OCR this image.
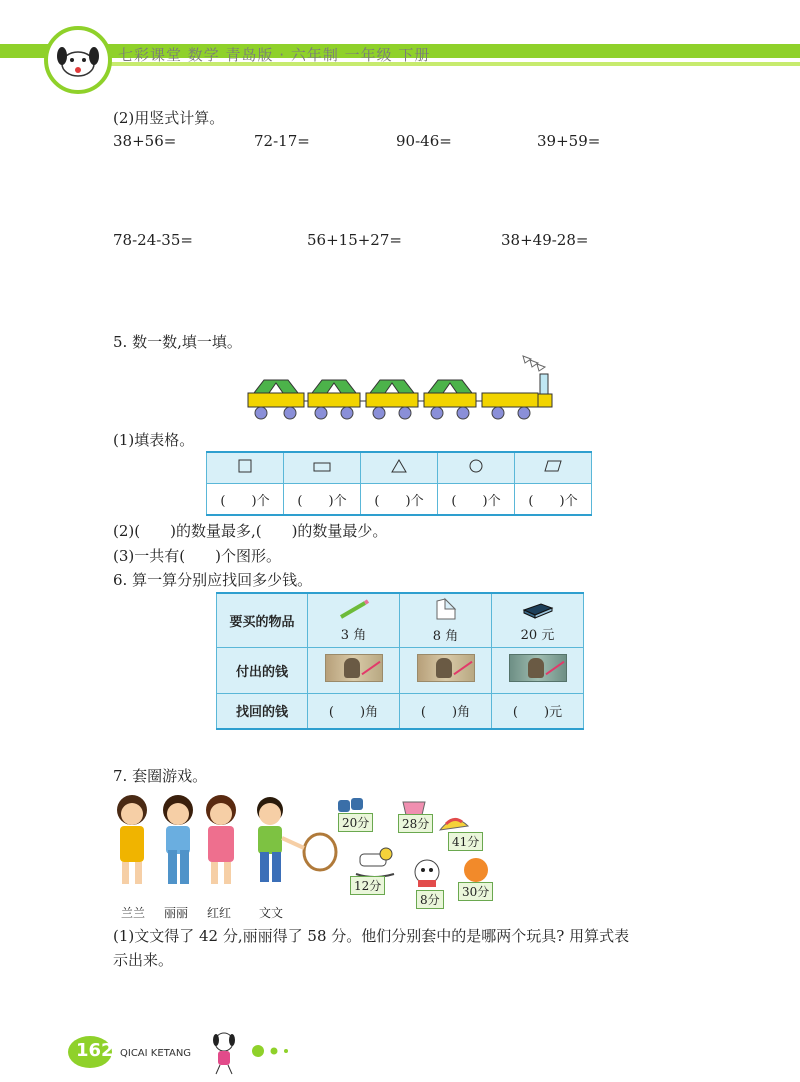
七彩课堂 数学 青岛版 · 六年制 一年级 下册
(2)用竖式计算。
38+56=	72-17=	90-46=	39+59=
78-24-35=	56+15+27=	38+49-28=
5. 数一数,填一填。
(1)填表格。

(　　)个	(　　)个	(　　)个	(　　)个	(　　)个
(2)(　　)的数量最多,(　　)的数量最少。
(3)一共有(　　)个图形。
6. 算一算分别应找回多少钱。
要买的物品	3 角	8 角	20 元
付出的钱	

找回的钱	(　　)角	(　　)角	(　　)元
7. 套圈游戏。
兰兰 丽丽 红红 文文
20分	28分
41分
12分
8分
30分
(1)文文得了 42 分,丽丽得了 58 分。他们分别套中的是哪两个玩具? 用算式表
示出来。
162 QICAI KETANG
